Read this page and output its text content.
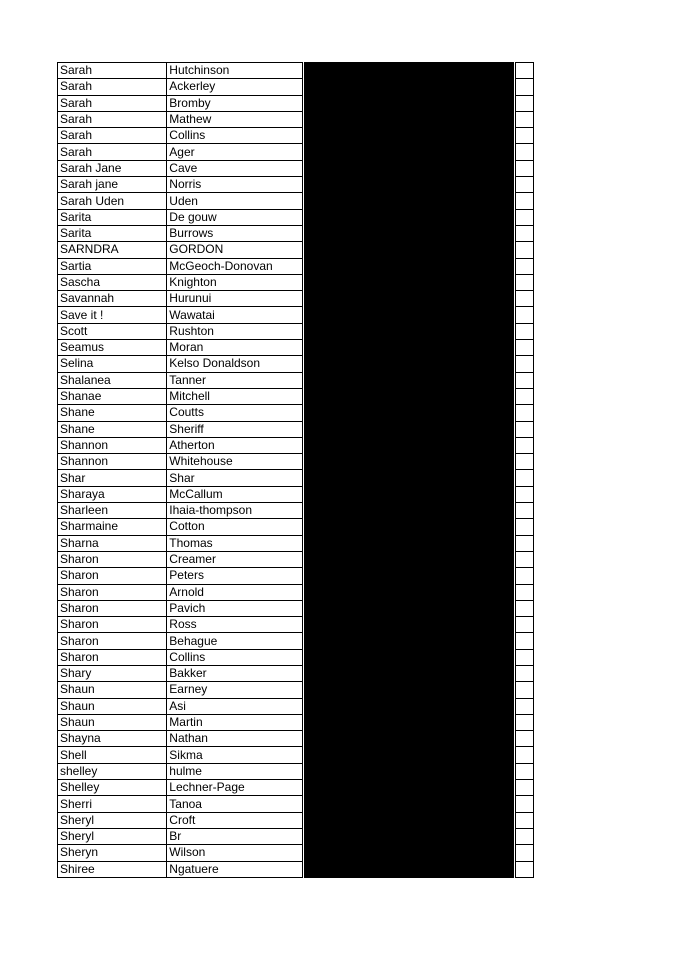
Sarah	Hutchinson		
Sarah	Ackerley		
Sarah	Bromby		
Sarah	Mathew		
Sarah	Collins		
Sarah	Ager		
Sarah Jane	Cave		
Sarah jane	Norris		
Sarah Uden	Uden		
Sarita	De gouw		
Sarita	Burrows		
SARNDRA	GORDON		
Sartia	McGeoch-Donovan		
Sascha	Knighton		
Savannah	Hurunui		
Save it !	Wawatai		
Scott	Rushton		
Seamus	Moran		
Selina	Kelso Donaldson		
Shalanea	Tanner		
Shanae	Mitchell		
Shane	Coutts		
Shane	Sheriff		
Shannon	Atherton		
Shannon	Whitehouse		
Shar	Shar		
Sharaya	McCallum		
Sharleen	Ihaia-thompson		
Sharmaine	Cotton		
Sharna	Thomas		
Sharon	Creamer		
Sharon	Peters		
Sharon	Arnold		
Sharon	Pavich		
Sharon	Ross		
Sharon	Behague		
Sharon	Collins		
Shary	Bakker		
Shaun	Earney		
Shaun	Asi		
Shaun	Martin		
Shayna	Nathan		
Shell	Sikma		
shelley	hulme		
Shelley	Lechner-Page		
Sherri	Tanoa		
Sheryl	Croft		
Sheryl	Br		
Sheryn	Wilson		
Shiree	Ngatuere		
